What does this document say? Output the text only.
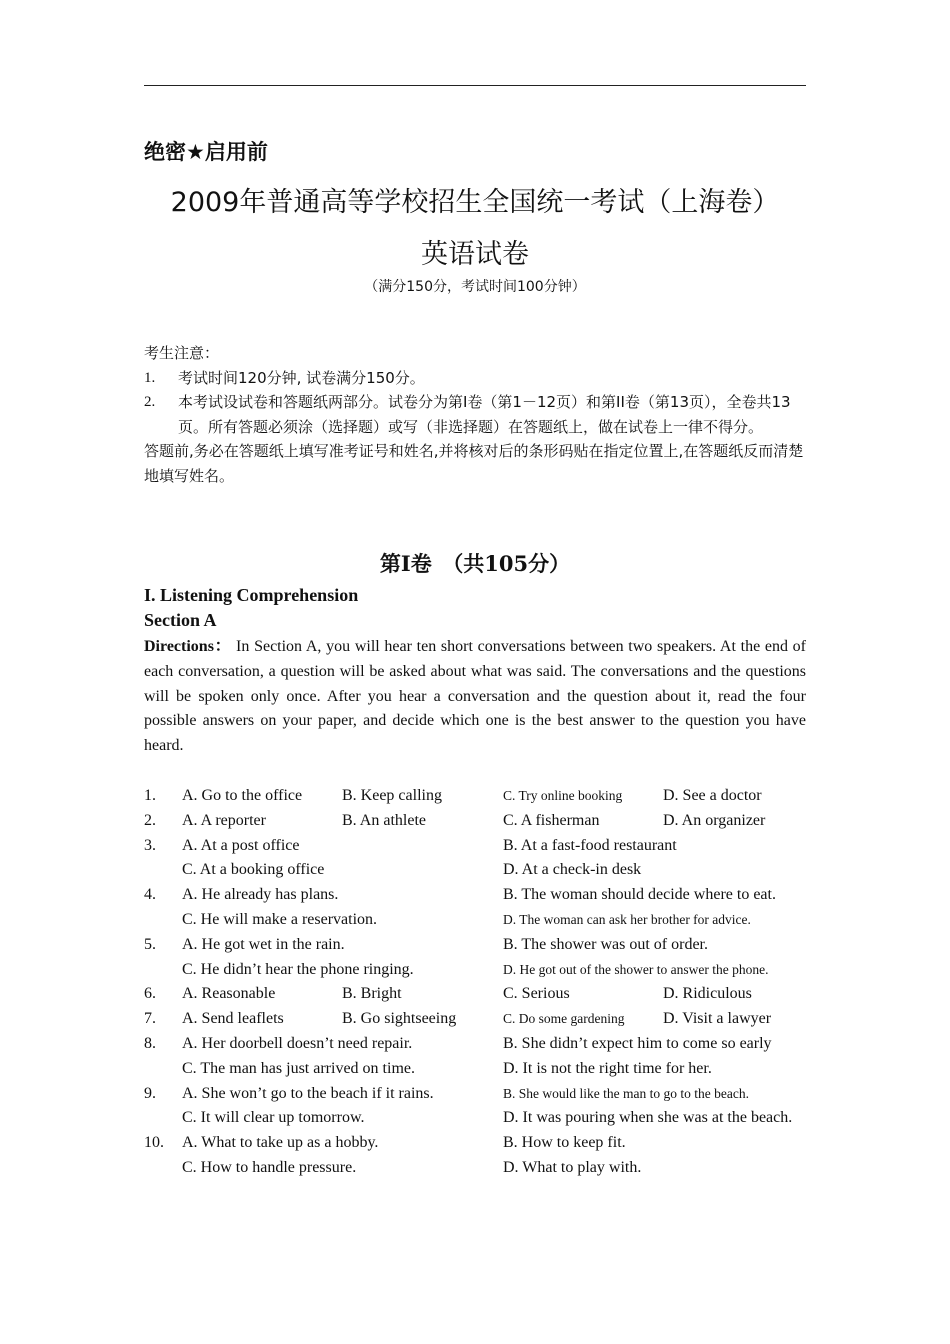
绝密★启用前
2009年普通高等学校招生全国统一考试（上海卷）
英语试卷
（满分150分，考试时间100分钟）
考生注意：
1.	考试时间120分钟, 试卷满分150分。
2.	本考试设试卷和答题纸两部分。试卷分为第I卷（第1－12页）和第II卷（第13页），全卷共13页。所有答题必须涂（选择题）或写（非选择题）在答题纸上，做在试卷上一律不得分。
答题前,务必在答题纸上填写准考证号和姓名,并将核对后的条形码贴在指定位置上,在答题纸反而清楚地填写姓名。
第I卷　（共105分）
I. Listening Comprehension
Section A
Directions： In Section A, you will hear ten short conversations between two speakers. At the end of each conversation, a question will be asked about what was said. The conversations and the questions will be spoken only once. After you hear a conversation and the question about it, read the four possible answers on your paper, and decide which one is the best answer to the question you have heard.
1. A. Go to the office B. Keep calling	C. Try online booking	D. See a doctor
2. A. A reporter	B. An athlete	C. A fisherman	D. An organizer
3. A. At a post office	B. At a fast-food restaurant
C. At a booking office	D. At a check-in desk
4. A. He already has plans.	B. The woman should decide where to eat.
C. He will make a reservation.	D. The woman can ask her brother for advice.
5. A. He got wet in the rain.	B. The shower was out of order.
C. He didn’t hear the phone ringing.	D. He got out of the shower to answer the phone.
6. A. Reasonable	B. Bright	C. Serious	D. Ridiculous
7. A. Send leaflets	B. Go sightseeing	C. Do some gardening D. Visit a lawyer
8. A. Her doorbell doesn’t need repair.	B. She didn’t expect him to come so early
C. The man has just arrived on time.	D. It is not the right time for her.
9. A. She won’t go to the beach if it rains.	B. She would like the man to go to the beach.
C. It will clear up tomorrow.	D. It was pouring when she was at the beach.
10. A. What to take up as a hobby.	B. How to keep fit.
C. How to handle pressure.	D. What to play with.
